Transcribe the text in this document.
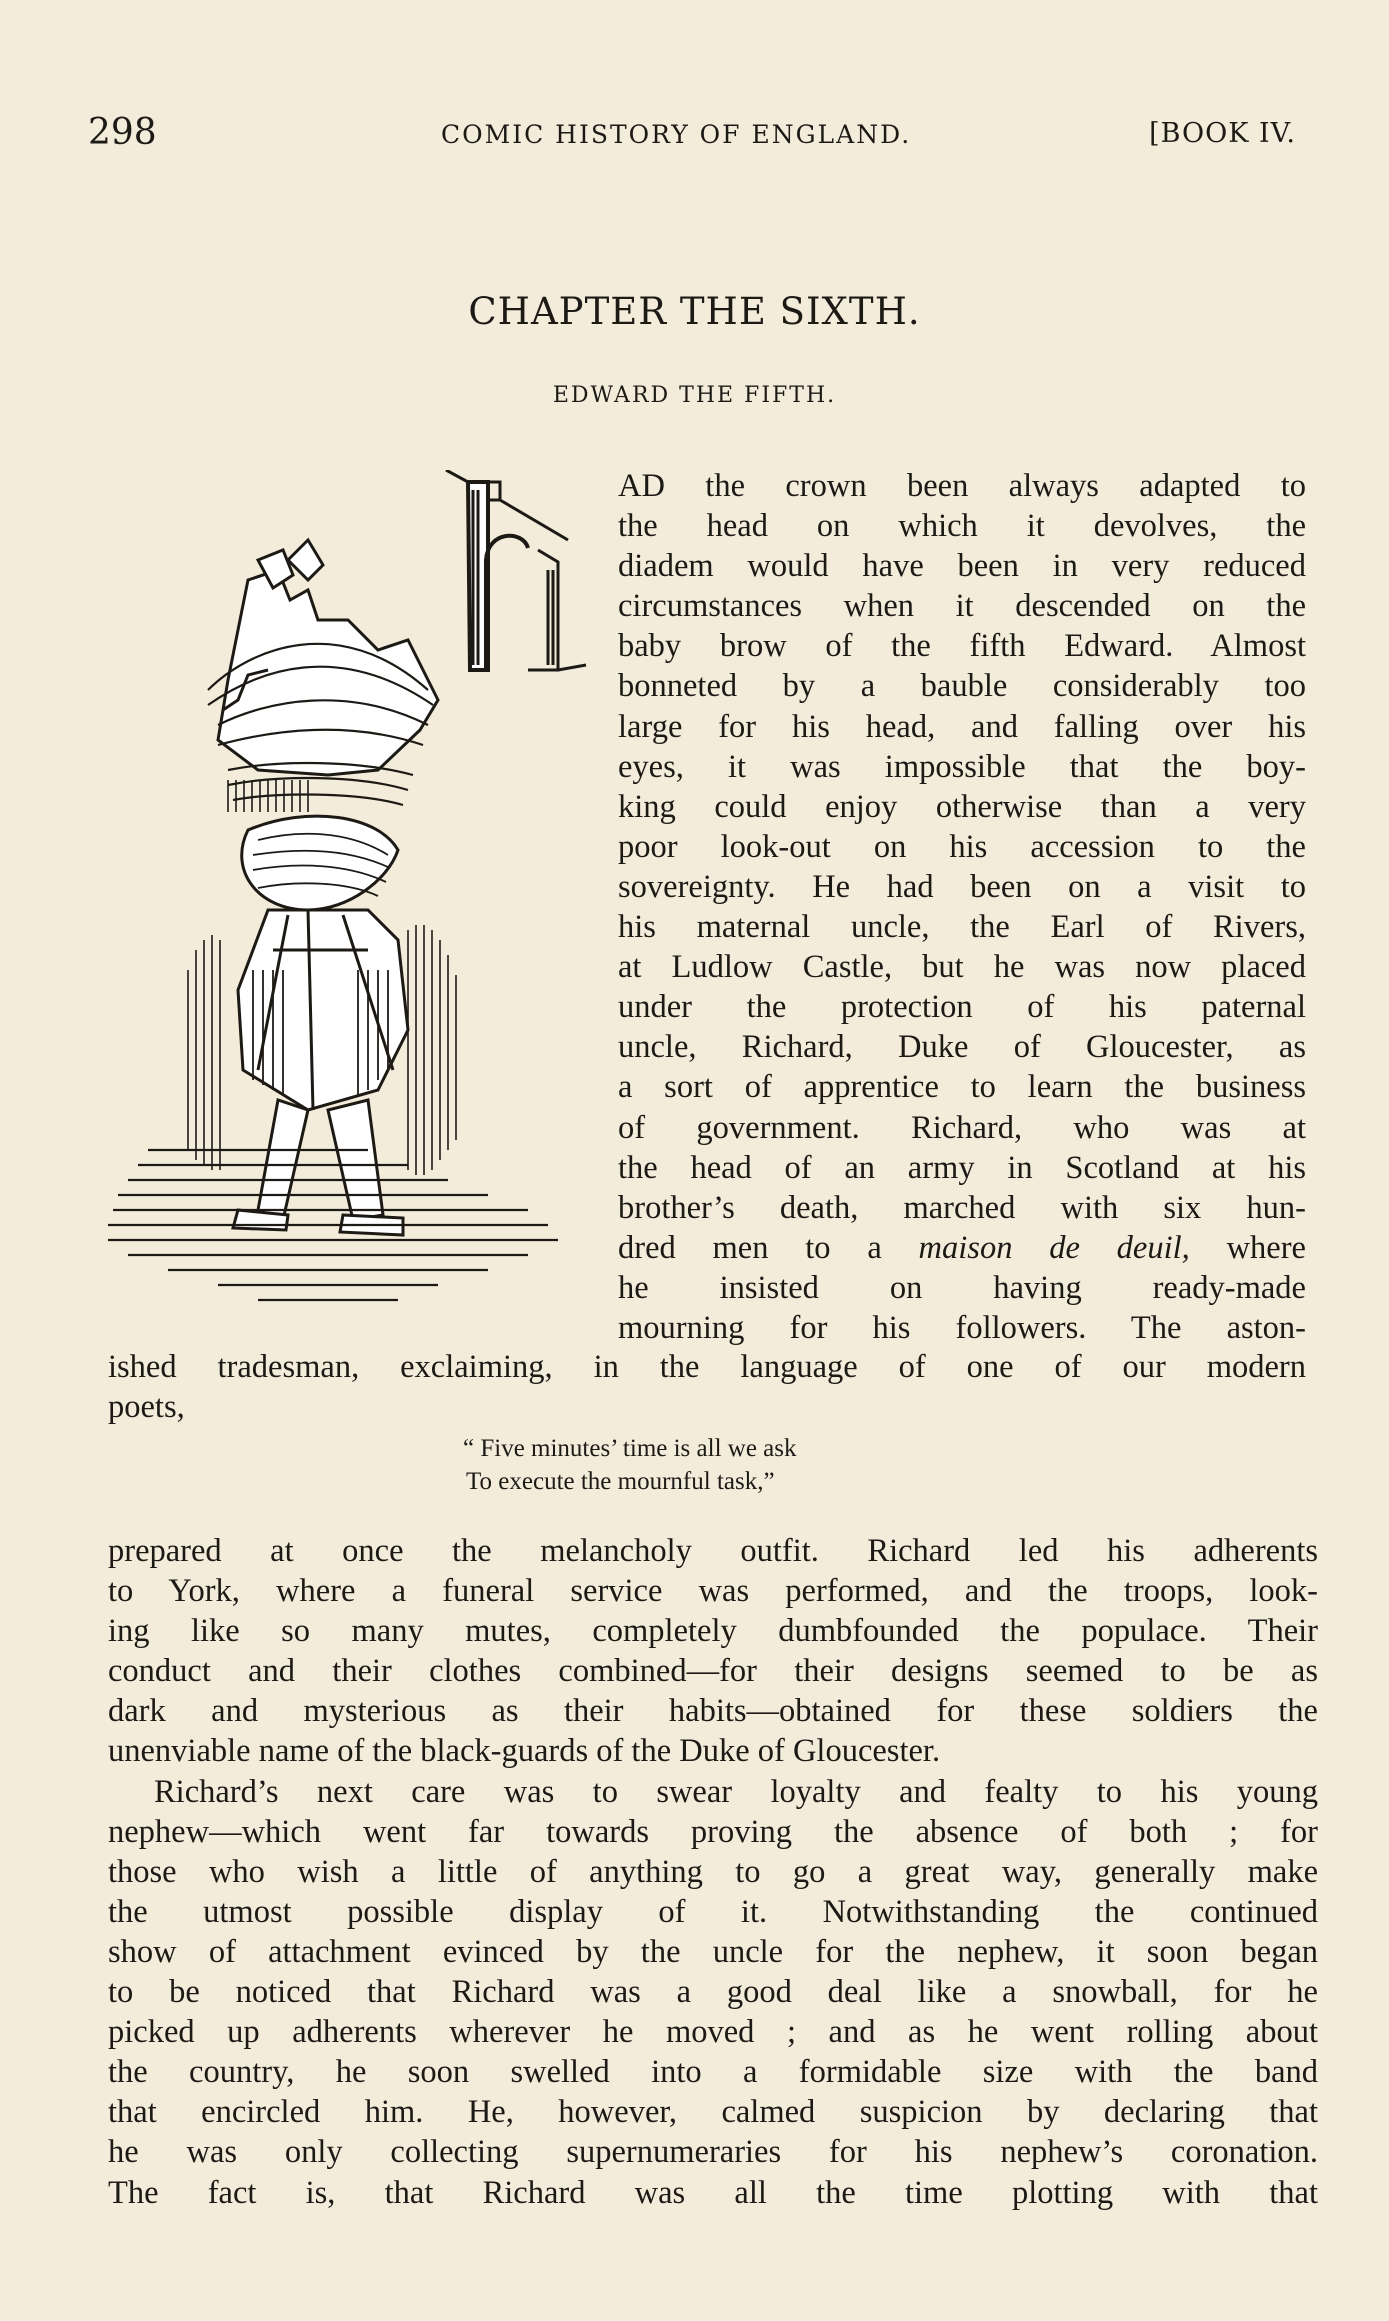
298	COMIC HISTORY OF ENGLAND.	[BOOK IV.
CHAPTER THE SIXTH.
EDWARD THE FIFTH.
AD the crown been always adapted to
the head on which it devolves, the
diadem would have been in very reduced
circumstances when it descended on the
baby brow of the fifth Edward. Almost
bonneted by a bauble considerably too
large for his head, and falling over his
eyes, it was impossible that the boy-
king could enjoy otherwise than a very
poor look-out on his accession to the
sovereignty. He had been on a visit to
his maternal uncle, the Earl of Rivers,
at Ludlow Castle, but he was now placed
under the protection of his paternal
uncle, Richard, Duke of Gloucester, as
a sort of apprentice to learn the business
of government. Richard, who was at
the head of an army in Scotland at his
brother’s death, marched with six hun-
dred men to a maison de deuil, where
he insisted on having ready-made
mourning for his followers. The aston-
ished tradesman, exclaiming, in the language of one of our modern
poets,
“ Five minutes’ time is all we ask
To execute the mournful task,”
prepared at once the melancholy outfit. Richard led his adherents
to York, where a funeral service was performed, and the troops, look-
ing like so many mutes, completely dumbfounded the populace. Their
conduct and their clothes combined—for their designs seemed to be as
dark and mysterious as their habits—obtained for these soldiers the
unenviable name of the black-guards of the Duke of Gloucester.
Richard’s next care was to swear loyalty and fealty to his young
nephew—which went far towards proving the absence of both ; for
those who wish a little of anything to go a great way, generally make
the utmost possible display of it. Notwithstanding the continued
show of attachment evinced by the uncle for the nephew, it soon began
to be noticed that Richard was a good deal like a snowball, for he
picked up adherents wherever he moved ; and as he went rolling about
the country, he soon swelled into a formidable size with the band
that encircled him. He, however, calmed suspicion by declaring that
he was only collecting supernumeraries for his nephew’s coronation.
The fact is, that Richard was all the time plotting with that
